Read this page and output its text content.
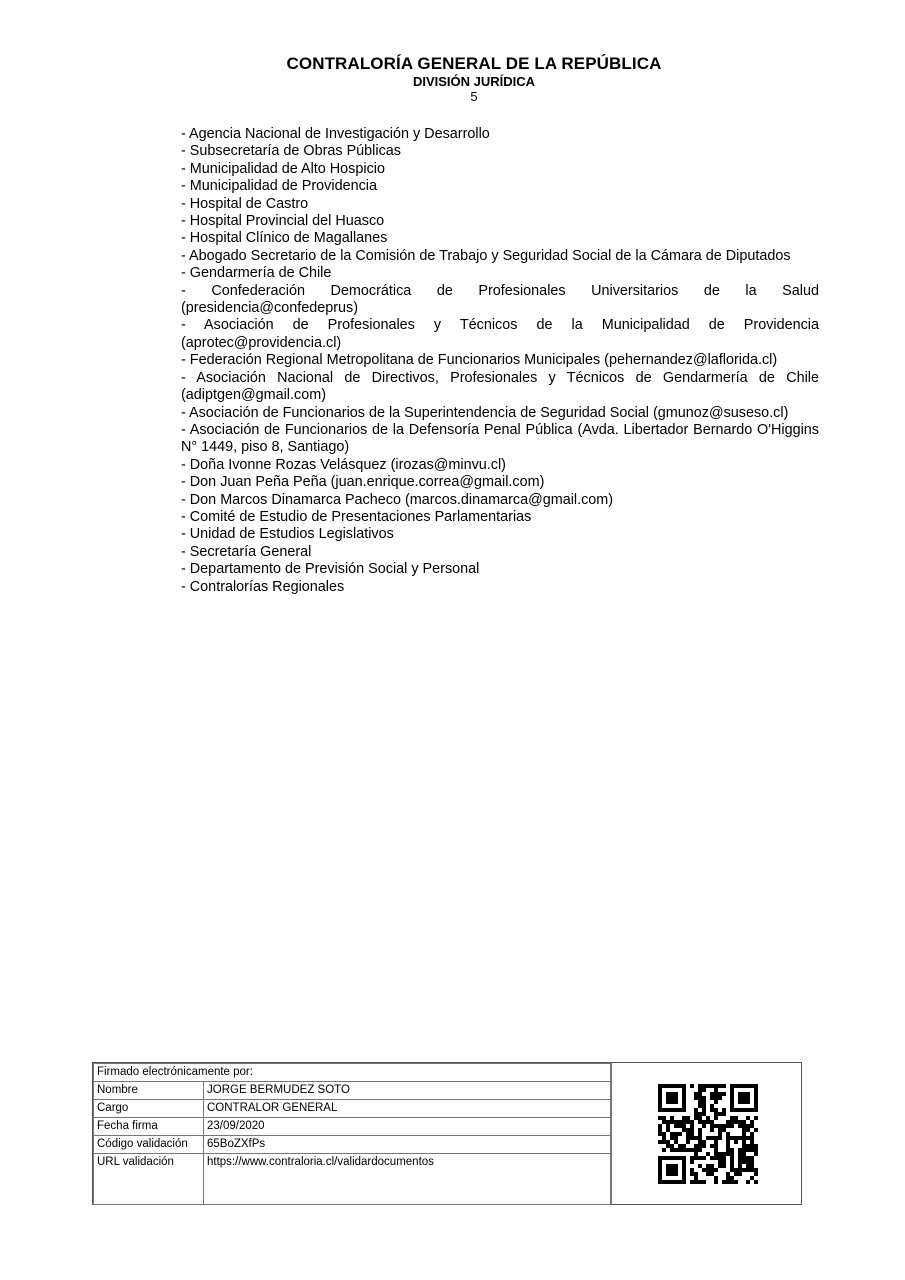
CONTRALORÍA GENERAL DE LA REPÚBLICA
DIVISIÓN JURÍDICA
5
- Agencia Nacional de Investigación y Desarrollo
- Subsecretaría de Obras Públicas
- Municipalidad de Alto Hospicio
- Municipalidad de Providencia
- Hospital de Castro
- Hospital Provincial del Huasco
- Hospital Clínico de Magallanes
- Abogado Secretario de la Comisión de Trabajo y Seguridad Social de la Cámara de Diputados
- Gendarmería de Chile
- Confederación Democrática de Profesionales Universitarios de la Salud (presidencia@confedeprus)
- Asociación de Profesionales y Técnicos de la Municipalidad de Providencia (aprotec@providencia.cl)
- Federación Regional Metropolitana de Funcionarios Municipales (pehernandez@laflorida.cl)
- Asociación Nacional de Directivos, Profesionales y Técnicos de Gendarmería de Chile (adiptgen@gmail.com)
- Asociación de Funcionarios de la Superintendencia de Seguridad Social (gmunoz@suseso.cl)
- Asociación de Funcionarios de la Defensoría Penal Pública (Avda. Libertador Bernardo O'Higgins N° 1449, piso 8, Santiago)
- Doña Ivonne Rozas Velásquez (irozas@minvu.cl)
- Don Juan Peña Peña (juan.enrique.correa@gmail.com)
- Don Marcos Dinamarca Pacheco (marcos.dinamarca@gmail.com)
- Comité de Estudio de Presentaciones Parlamentarias
- Unidad de Estudios Legislativos
- Secretaría General
- Departamento de Previsión Social y Personal
- Contralorías Regionales
Firmado electrónicamente por:	
Nombre	JORGE BERMUDEZ SOTO
Cargo	CONTRALOR GENERAL
Fecha firma	23/09/2020
Código validación	65BoZXfPs
URL validación	https://www.contraloria.cl/validardocumentos
